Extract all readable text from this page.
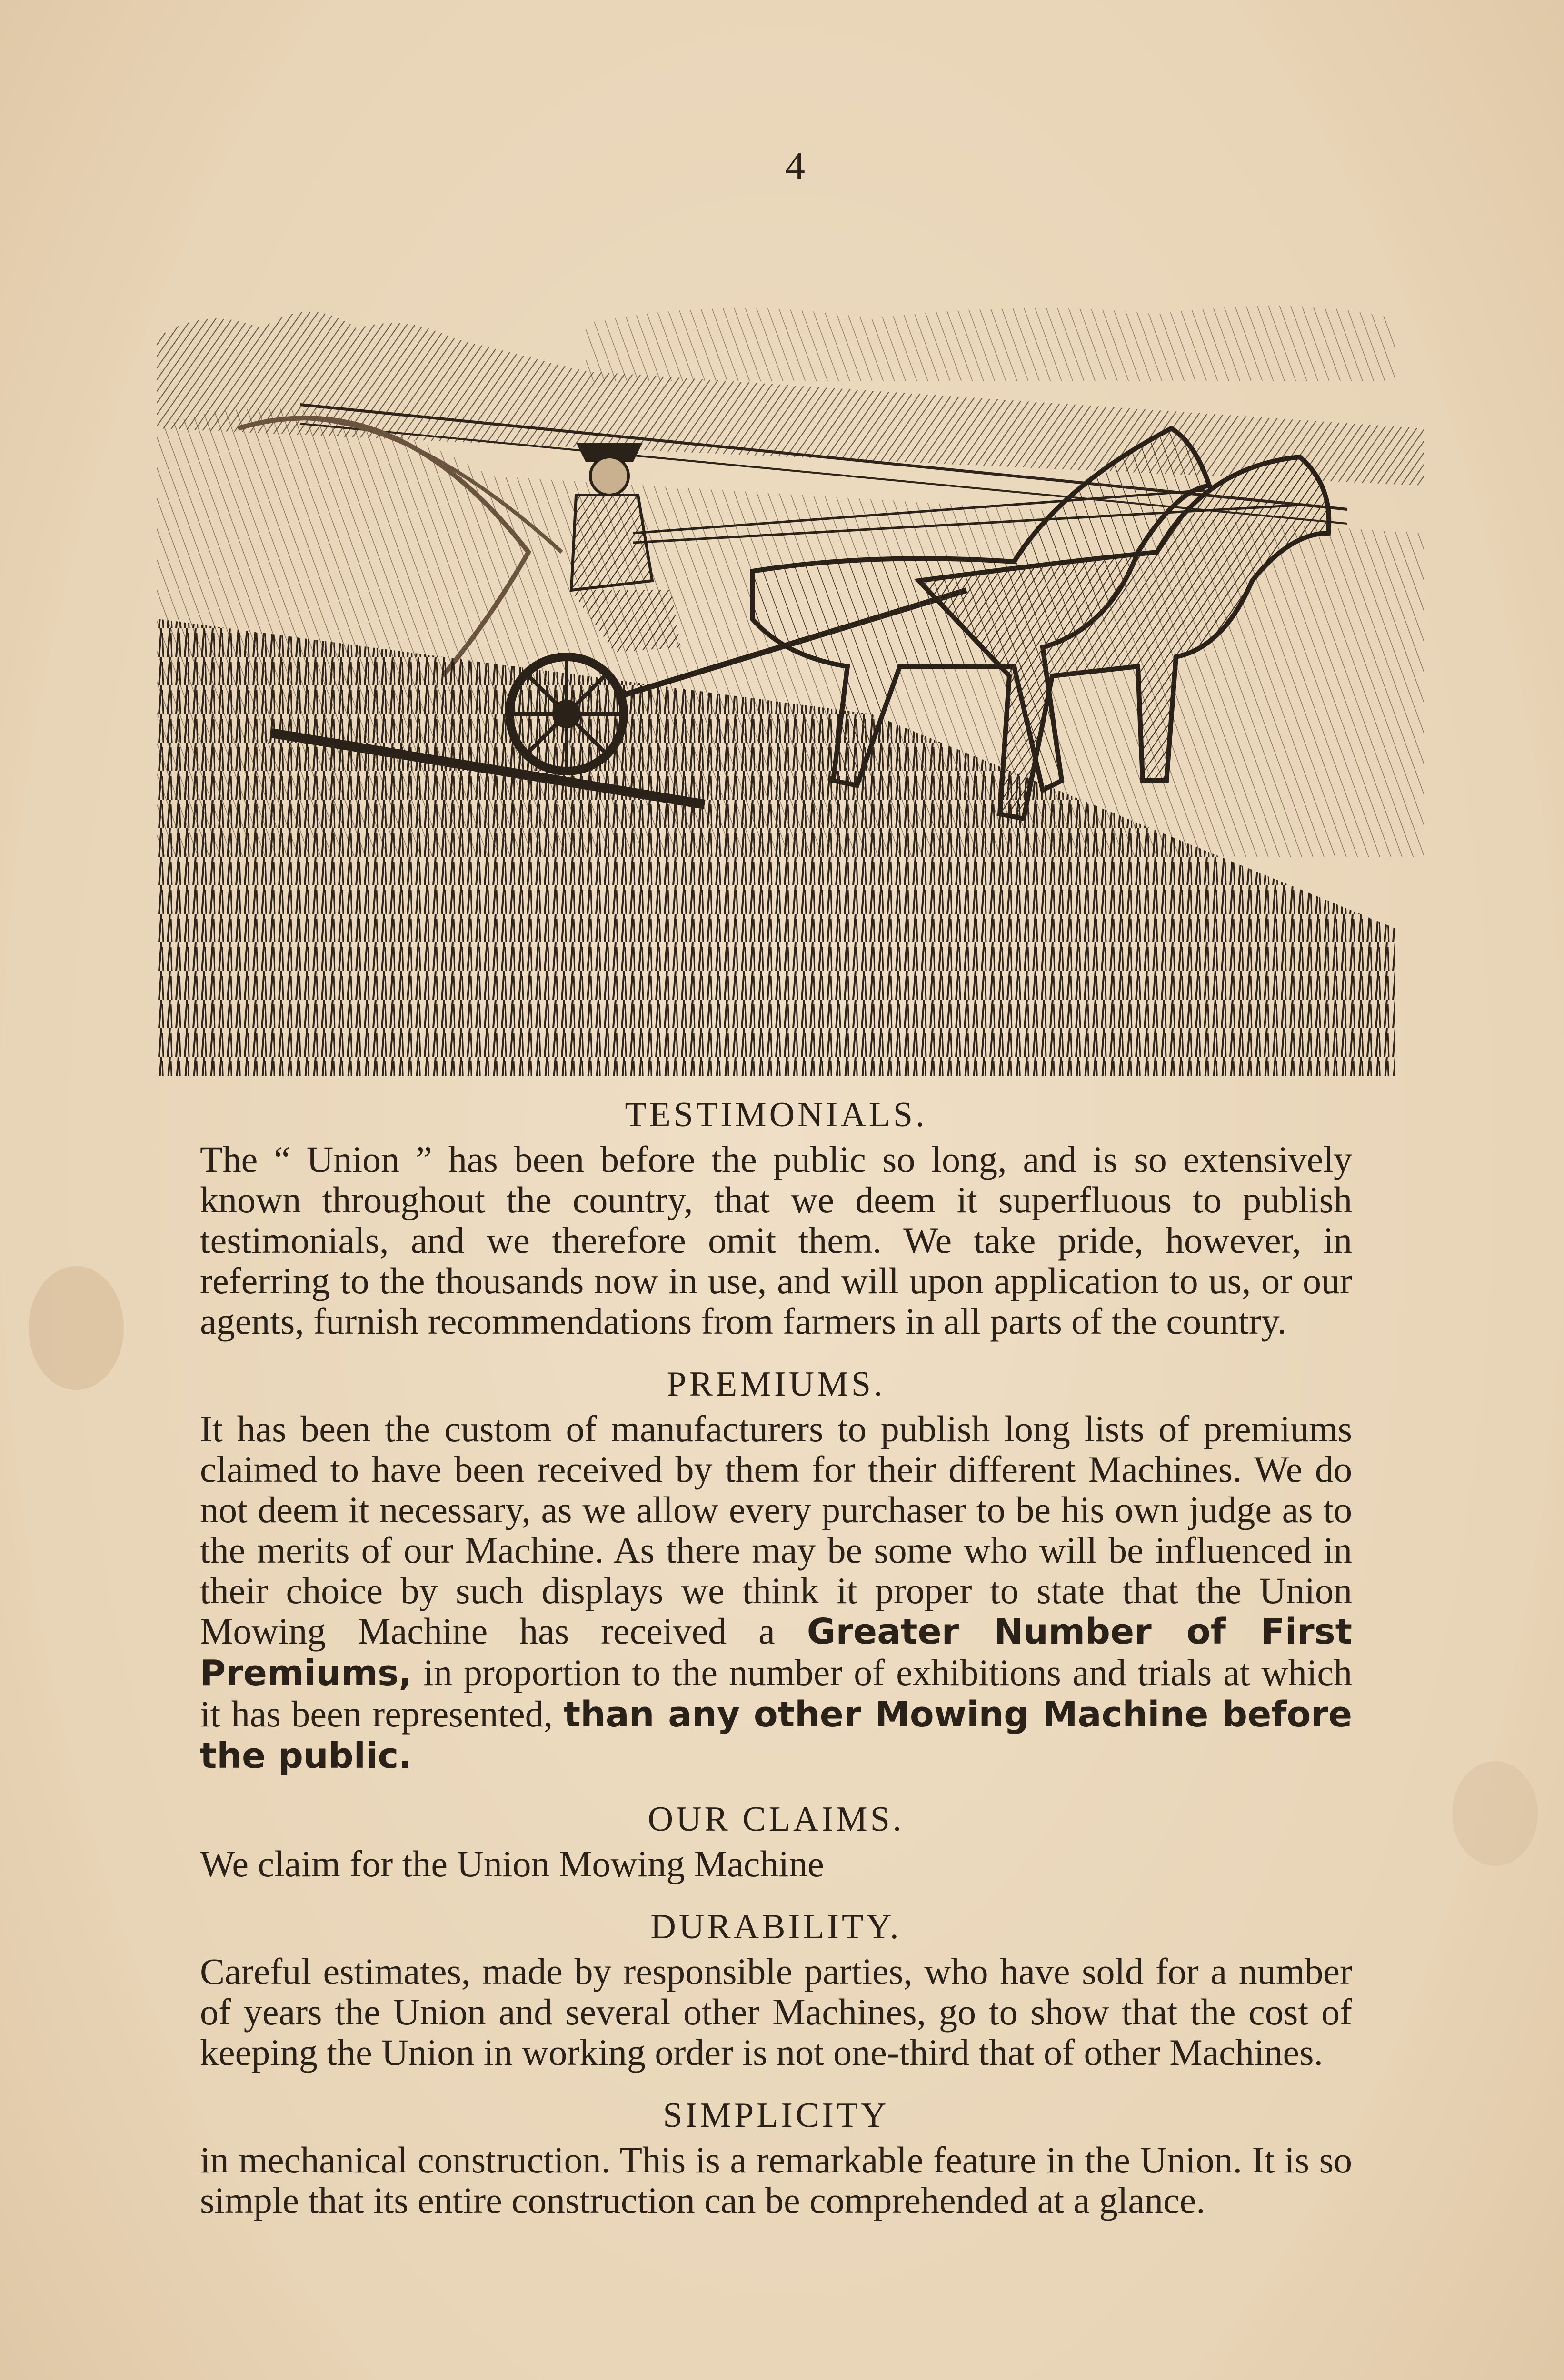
4
TESTIMONIALS.

The “ Union ” has been before the public so long, and is so extensively known throughout the country, that we deem it superfluous to publish testimonials, and we therefore omit them. We take pride, however, in referring to the thousands now in use, and will upon application to us, or our agents, furnish recommendations from farmers in all parts of the country.

PREMIUMS.

It has been the custom of manufacturers to publish long lists of premiums claimed to have been received by them for their different Machines. We do not deem it necessary, as we allow every purchaser to be his own judge as to the merits of our Machine. As there may be some who will be influenced in their choice by such displays we think it proper to state that the Union Mowing Machine has received a Greater Number of First Premiums, in proportion to the number of exhibitions and trials at which it has been represented, than any other Mowing Machine before the public.

OUR CLAIMS.

We claim for the Union Mowing Machine

DURABILITY.

Careful estimates, made by responsible parties, who have sold for a number of years the Union and several other Machines, go to show that the cost of keeping the Union in working order is not one-third that of other Machines.

SIMPLICITY

in mechanical construction. This is a remarkable feature in the Union. It is so simple that its entire construction can be comprehended at a glance.
